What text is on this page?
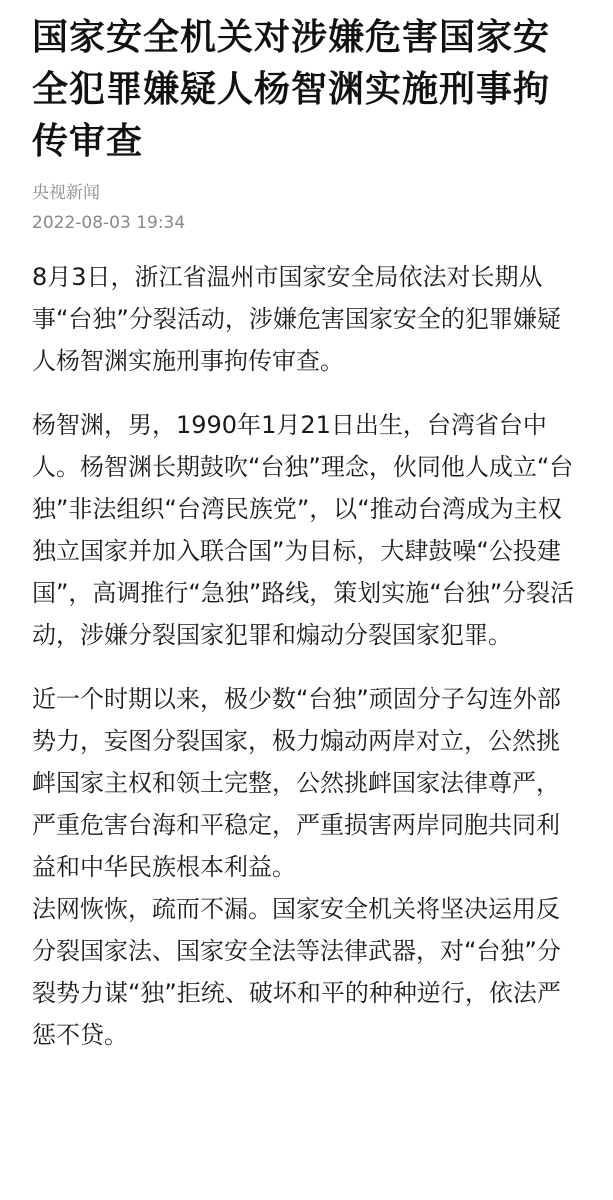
国家安全机关对涉嫌危害国家安全犯罪嫌疑人杨智渊实施刑事拘传审查
央视新闻
2022-08-03 19:34

8月3日，浙江省温州市国家安全局依法对长期从事“台独”分裂活动，涉嫌危害国家安全的犯罪嫌疑人杨智渊实施刑事拘传审查。

杨智渊，男，1990年1月21日出生，台湾省台中人。杨智渊长期鼓吹“台独”理念，伙同他人成立“台独”非法组织“台湾民族党”，以“推动台湾成为主权独立国家并加入联合国”为目标，大肆鼓噪“公投建国”，高调推行“急独”路线，策划实施“台独”分裂活动，涉嫌分裂国家犯罪和煽动分裂国家犯罪。

近一个时期以来，极少数“台独”顽固分子勾连外部势力，妄图分裂国家，极力煽动两岸对立，公然挑衅国家主权和领土完整，公然挑衅国家法律尊严，严重危害台海和平稳定，严重损害两岸同胞共同利益和中华民族根本利益。

法网恢恢，疏而不漏。国家安全机关将坚决运用反分裂国家法、国家安全法等法律武器，对“台独”分裂势力谋“独”拒统、破坏和平的种种逆行，依法严惩不贷。
